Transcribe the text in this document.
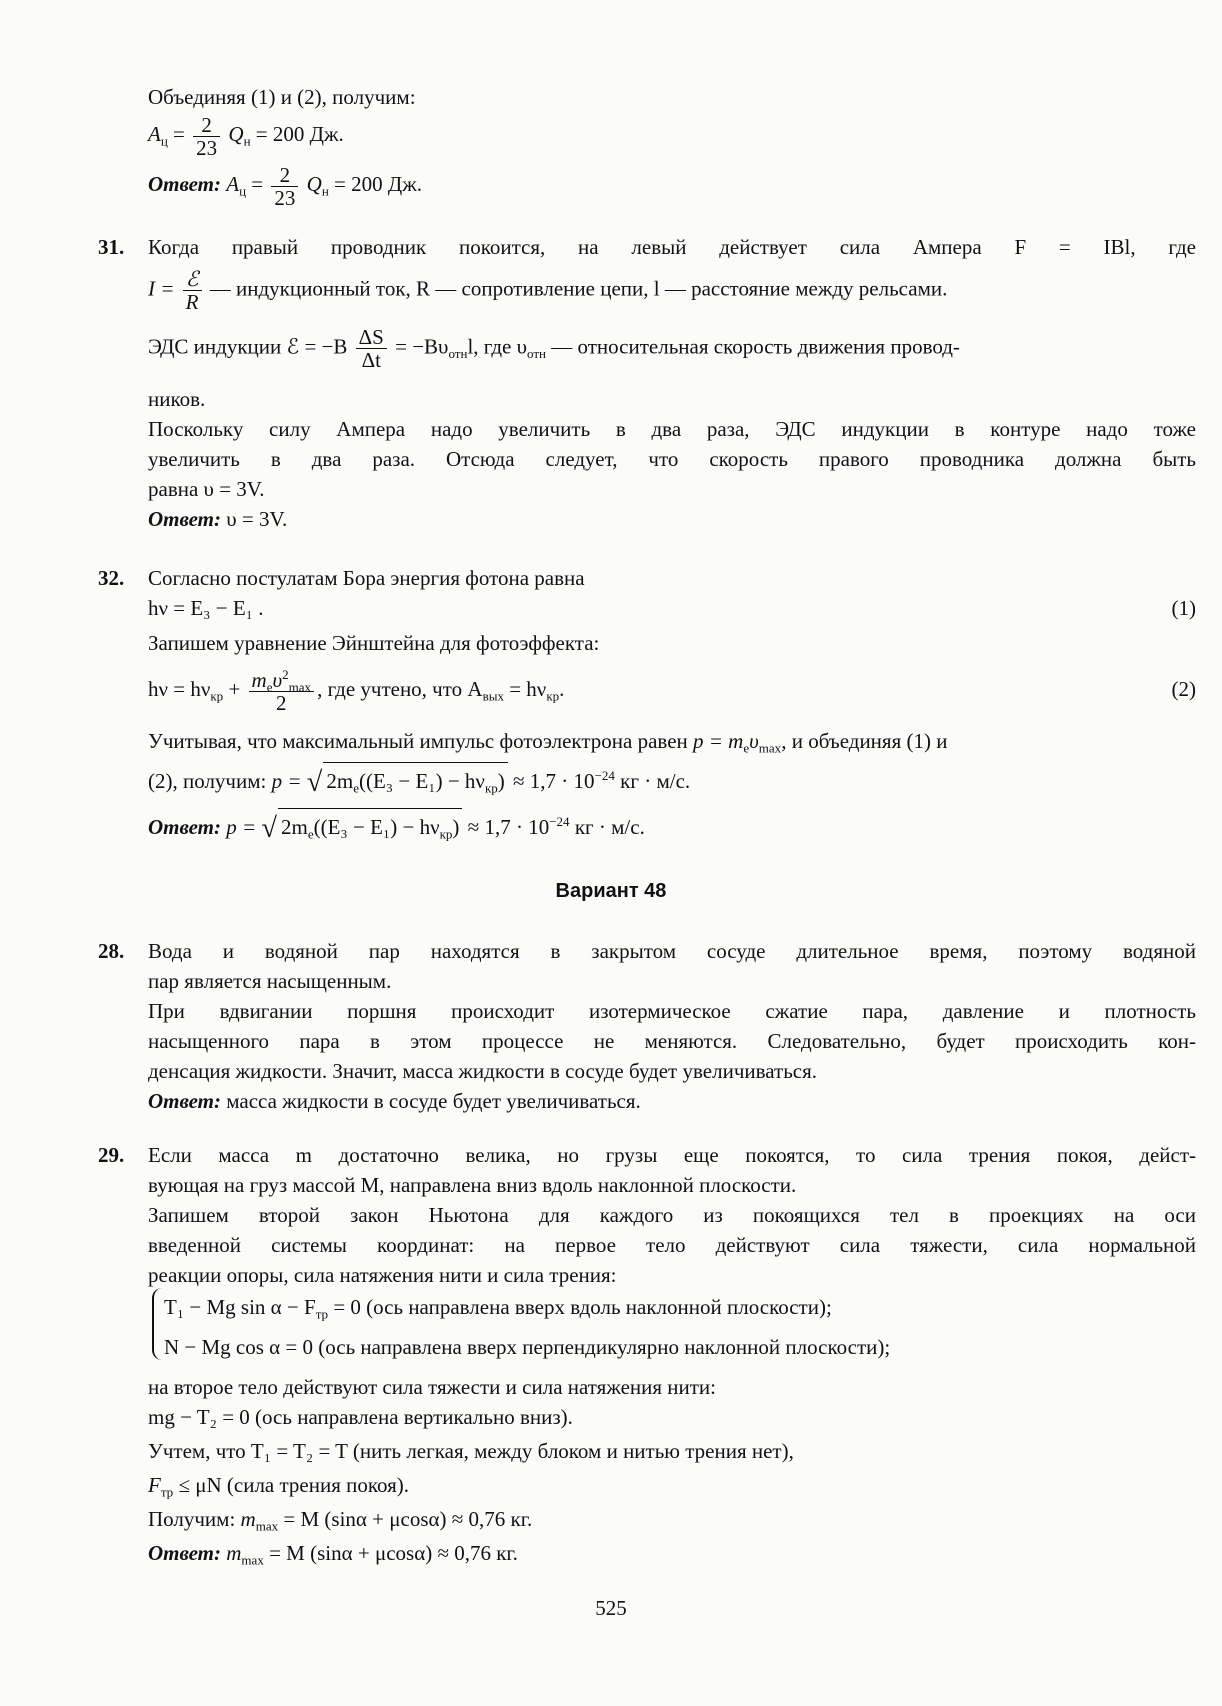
Объединяя (1) и (2), получим:
$A_ц = \frac{2}{23} Q_н = 200$ Дж.
Ответ: $A_ц = \frac{2}{23} Q_н = 200$ Дж.
31. Когда правый проводник покоится, на левый действует сила Ампера F = IBl, где
$I = \frac{\text{ℰ}}{R}$ — индукционный ток, R — сопротивление цепи, l — расстояние между рельсами.
ЭДС индукции ℰ = $-B \frac{\Delta S}{\Delta t} = -B\upsilon_{отн}l$, где $\upsilon_{отн}$ — относительная скорость движения провод-
ников.
Поскольку силу Ампера надо увеличить в два раза, ЭДС индукции в контуре надо тоже
увеличить в два раза. Отсюда следует, что скорость правого проводника должна быть
равна υ = 3V.
Ответ: υ = 3V.
32. Согласно постулатам Бора энергия фотона равна
hν = E₃ − E₁ .	(1)
Запишем уравнение Эйнштейна для фотоэффекта:
$h\nu = h\nu_{кр} + \frac{m_e\upsilon^2_{max}}{2}$ , где учтено, что $A_{вых} = h\nu_{кр}$.	(2)
Учитывая, что максимальный импульс фотоэлектрона равен $p = m_e\upsilon_{max}$, и объединяя (1) и
(2), получим: p = √ $2m_e((E_3 - E_1) - h\nu_{кр}) \approx 1,7 \cdot 10^{-24}$ кг · м/с.
Ответ: p = √ $2m_e((E_3 - E_1) - h\nu_{кр}) \approx 1,7 \cdot 10^{-24}$ кг · м/с.
Вариант 48
28. Вода и водяной пар находятся в закрытом сосуде длительное время, поэтому водяной
пар является насыщенным.
При вдвигании поршня происходит изотермическое сжатие пара, давление и плотность
насыщенного пара в этом процессе не меняются. Следовательно, будет происходить кон-
денсация жидкости. Значит, масса жидкости в сосуде будет увеличиваться.
Ответ: масса жидкости в сосуде будет увеличиваться.
29. Если масса m достаточно велика, но грузы еще покоятся, то сила трения покоя, дейст-
вующая на груз массой M, направлена вниз вдоль наклонной плоскости.
Запишем второй закон Ньютона для каждого из покоящихся тел в проекциях на оси
введенной системы координат: на первое тело действуют сила тяжести, сила нормальной
реакции опоры, сила натяжения нити и сила трения:
T₁ − Mg $\sin \alpha - F_{тр} = 0$ (ось направлена вверх вдоль наклонной плоскости);
N − Mg cos α = 0 (ось направлена вверх перпендикулярно наклонной плоскости);
на второе тело действуют сила тяжести и сила натяжения нити:
mg − T₂ = 0 (ось направлена вертикально вниз).
Учтем, что T₁ = T₂ = T (нить легкая, между блоком и нитью трения нет),
$F_{тр} \le \mu N$ (сила трения покоя).
Получим: $m_{max} = M$ (sinα + μcosα) ≈ 0,76 кг.
Ответ: $m_{max} = M$ (sinα + μcosα) ≈ 0,76 кг.
525
